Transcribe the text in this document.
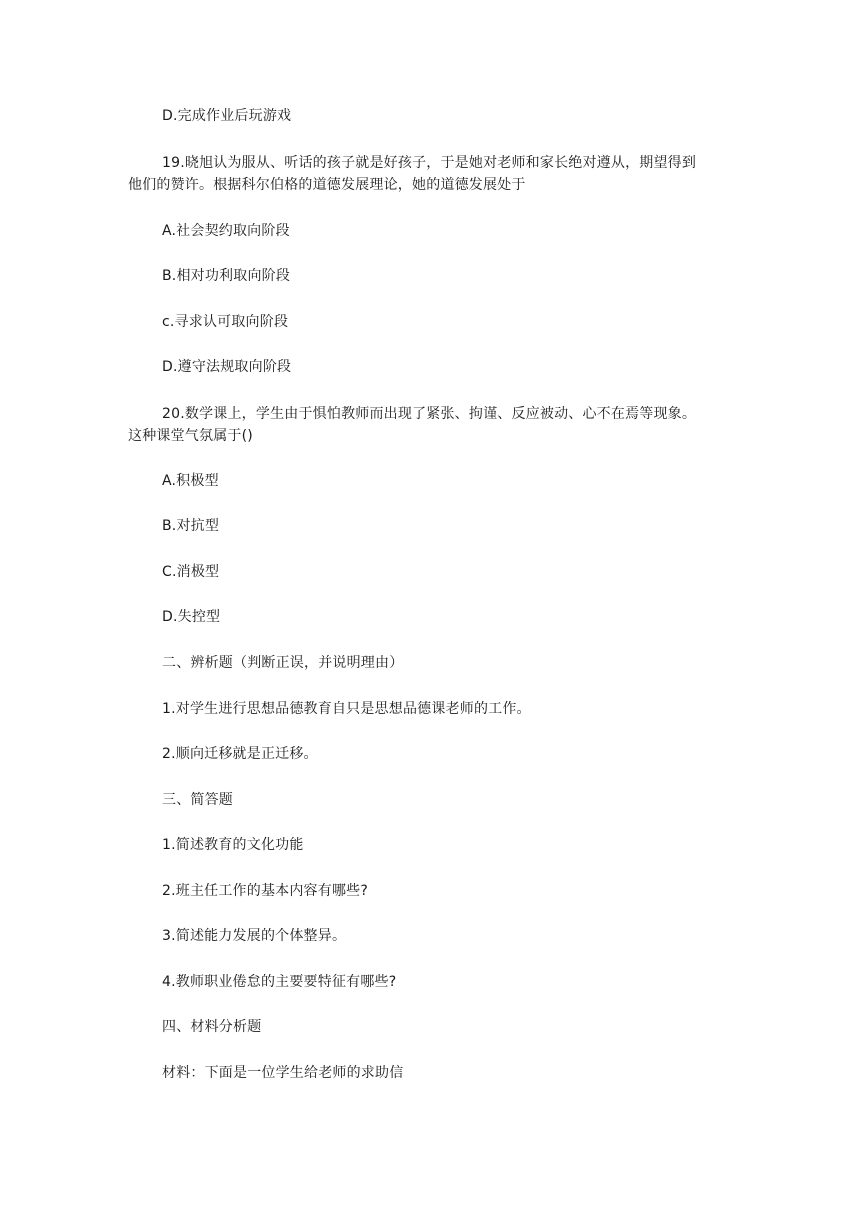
D.完成作业后玩游戏
19.晓旭认为服从、听话的孩子就是好孩子，于是她对老师和家长绝对遵从，期望得到
他们的赞许。根据科尔伯格的道德发展理论，她的道德发展处于
A.社会契约取向阶段
B.相对功利取向阶段
c.寻求认可取向阶段
D.遵守法规取向阶段
20.数学课上，学生由于惧怕教师而出现了紧张、拘谨、反应被动、心不在焉等现象。
这种课堂气氛属于()
A.积极型
B.对抗型
C.消极型
D.失控型
二、辨析题（判断正误，并说明理由）
1.对学生进行思想品德教育自只是思想品德课老师的工作。
2.顺向迁移就是正迁移。
三、简答题
1.简述教育的文化功能
2.班主任工作的基本内容有哪些?
3.简述能力发展的个体整异。
4.教师职业倦怠的主要要特征有哪些?
四、材料分析题
材料：下面是一位学生给老师的求助信
